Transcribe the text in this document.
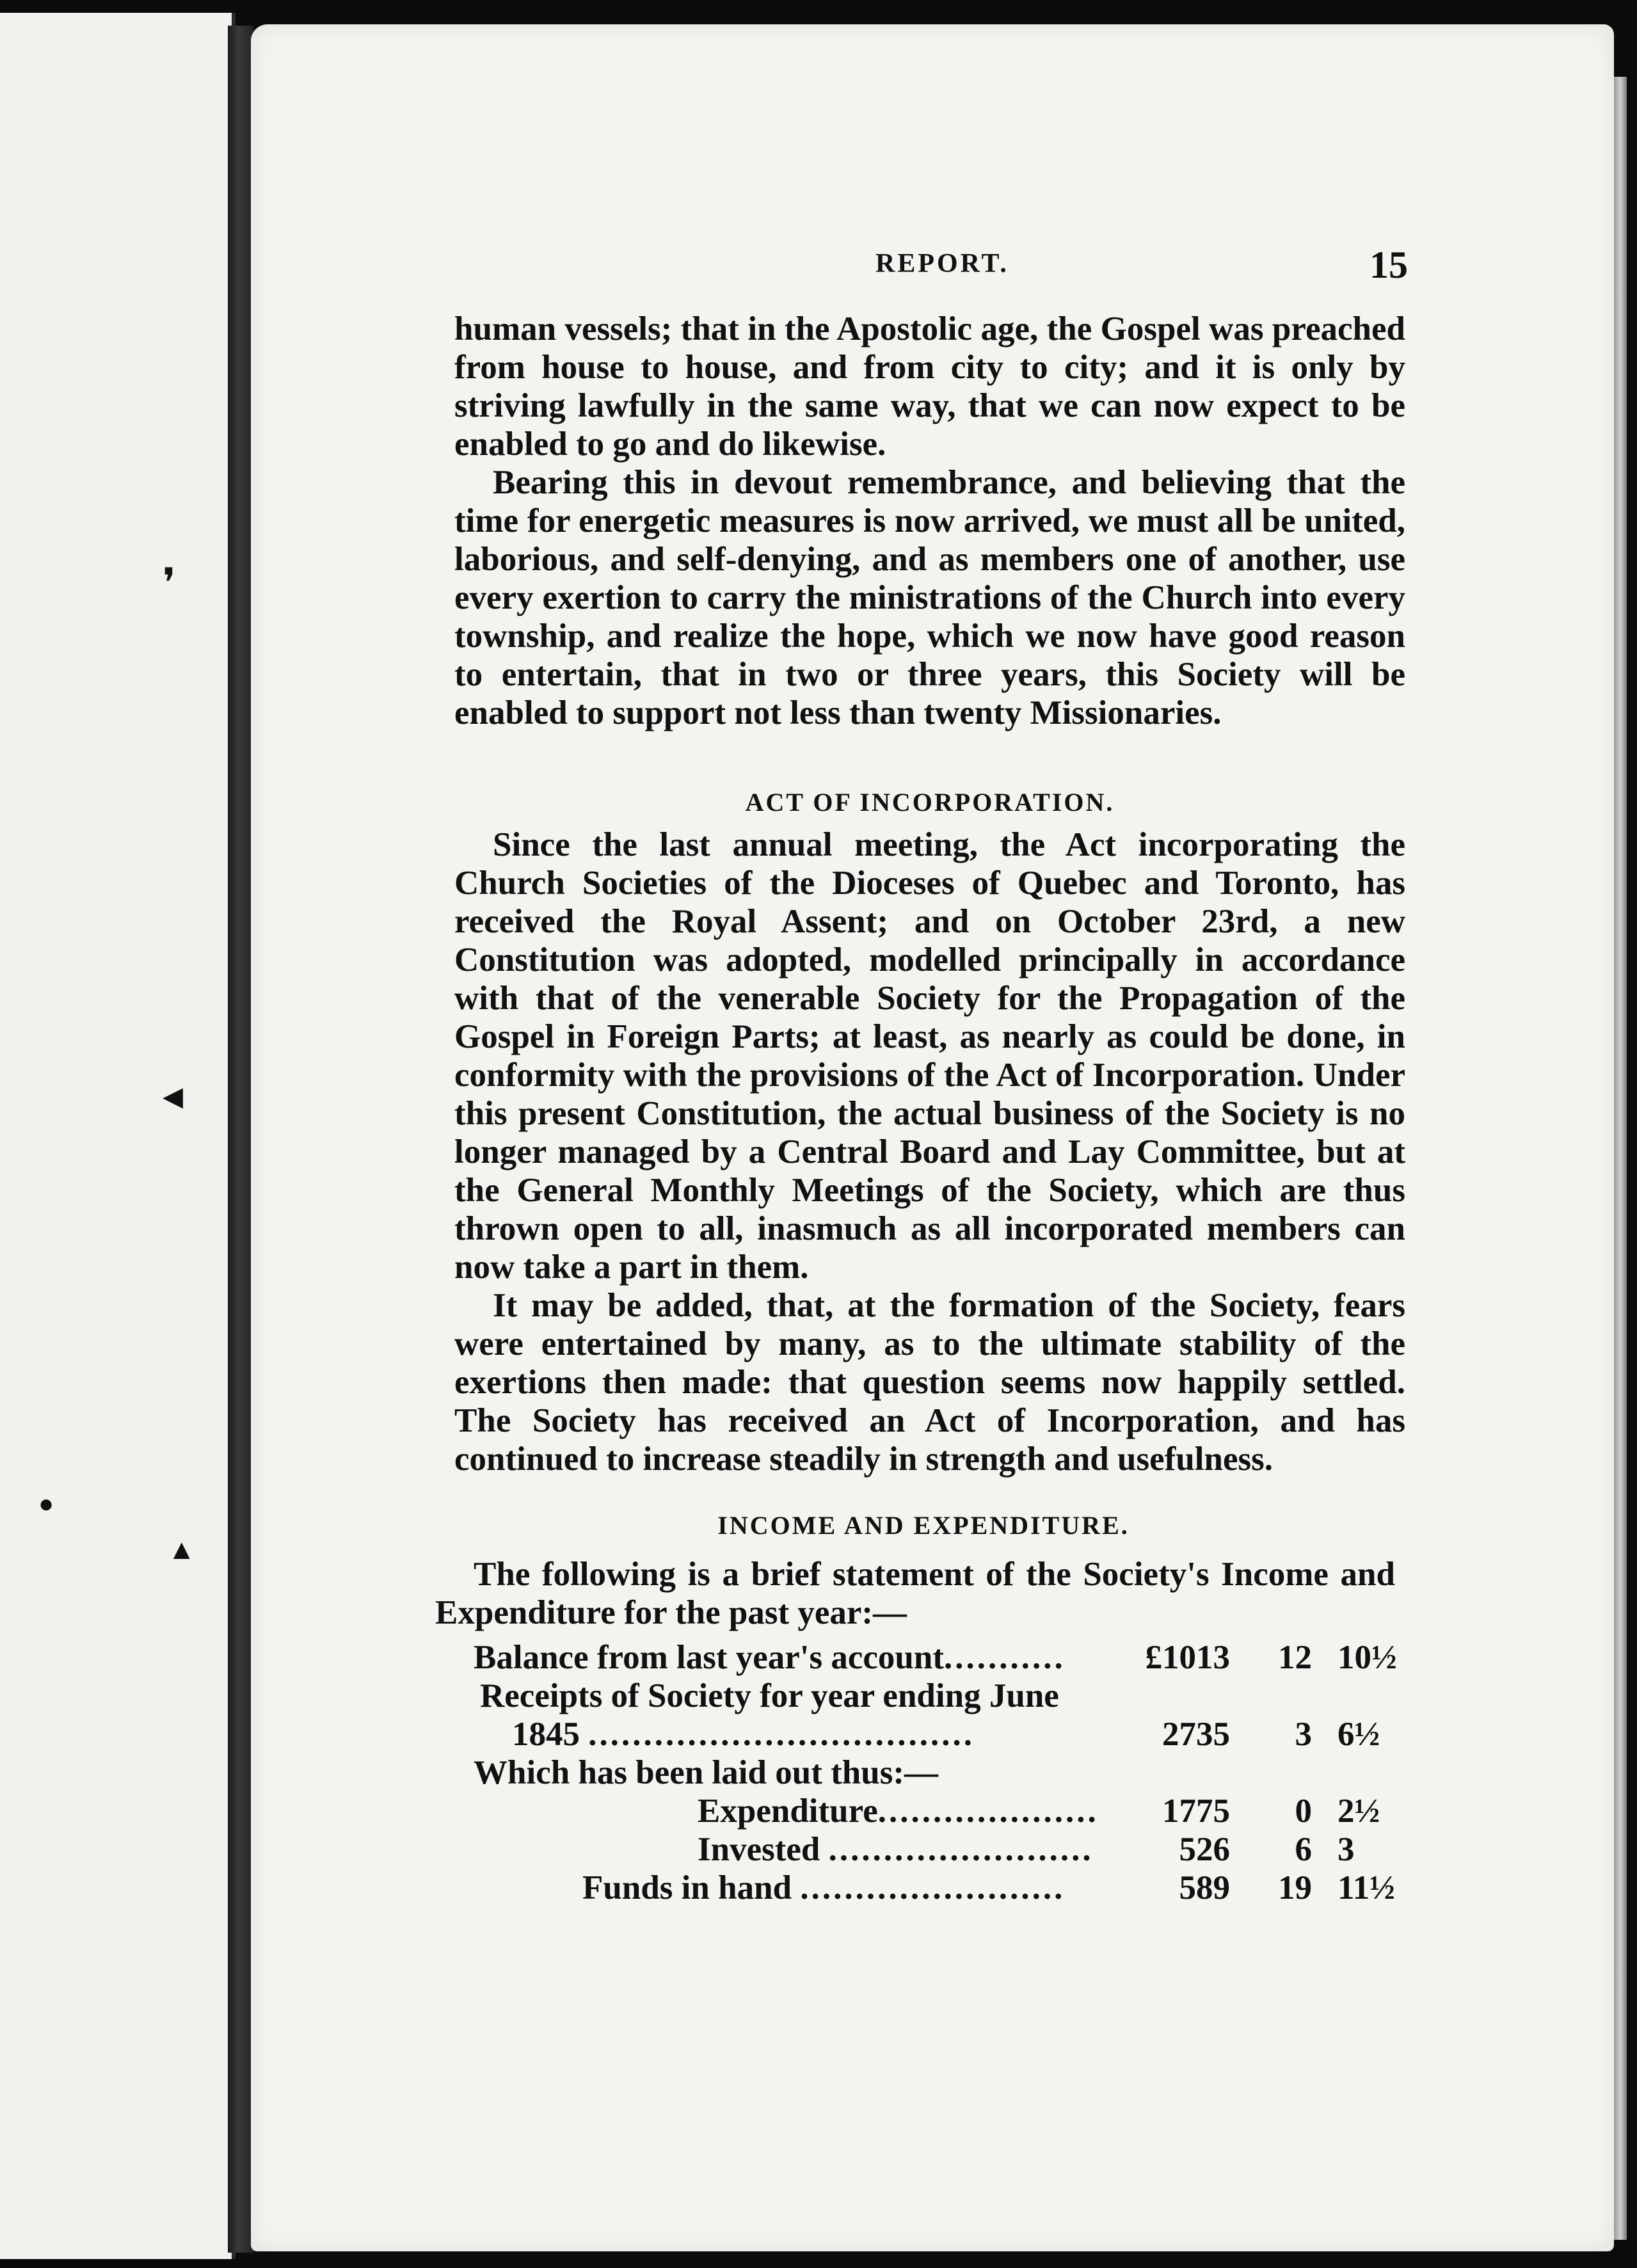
❜
◂
●
▲
REPORT.	15

human vessels; that in the Apostolic age, the Gospel was preached from house to house, and from city to city; and it is only by striving lawfully in the same way, that we can now expect to be enabled to go and do likewise.

Bearing this in devout remembrance, and believing that the time for energetic measures is now arrived, we must all be united, laborious, and self-denying, and as members one of another, use every exertion to carry the ministrations of the Church into every township, and realize the hope, which we now have good reason to entertain, that in two or three years, this Society will be enabled to support not less than twenty Missionaries.

ACT OF INCORPORATION.

Since the last annual meeting, the Act incorporating the Church Societies of the Dioceses of Quebec and Toronto, has received the Royal Assent; and on October 23rd, a new Constitution was adopted, modelled principally in accordance with that of the venerable Society for the Propagation of the Gospel in Foreign Parts; at least, as nearly as could be done, in conformity with the provisions of the Act of Incorporation. Under this present Constitution, the actual business of the Society is no longer managed by a Central Board and Lay Committee, but at the General Monthly Meetings of the Society, which are thus thrown open to all, inasmuch as all incorporated members can now take a part in them.

It may be added, that, at the formation of the Society, fears were entertained by many, as to the ultimate stability of the exertions then made: that question seems now happily settled. The Society has received an Act of Incorporation, and has continued to increase steadily in strength and usefulness.

INCOME AND EXPENDITURE.

The following is a brief statement of the Society's Income and Expenditure for the past year:—

Balance from last year's account........... £1013 12 10½
Receipts of Society for year ending June
1845 ...................................	2735 3 6½
Which has been laid out thus:—
Expenditure.................... 1775 0 2½
Invested ........................	526 6 3
Funds in hand ........................	589 19 11½
